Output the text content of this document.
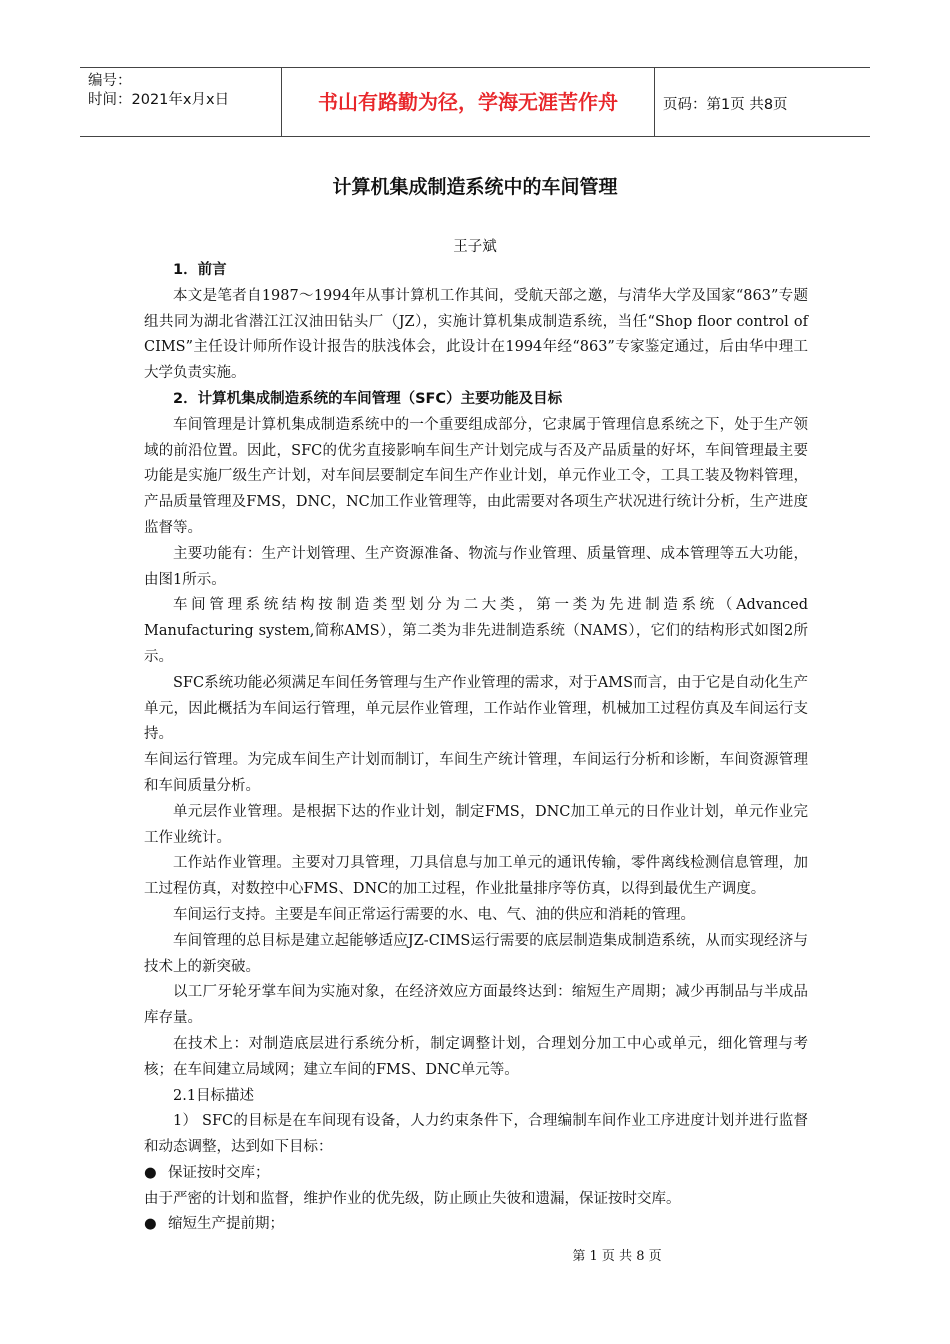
编号：
时间：2021年x月x日	书山有路勤为径，学海无涯苦作舟	页码：第1页 共8页
计算机集成制造系统中的车间管理
王子斌

1．前言

本文是笔者自1987～1994年从事计算机工作其间，受航天部之邀，与清华大学及国家“863”专题组共同为湖北省潜江江汉油田钻头厂（JZ），实施计算机集成制造系统，当任“Shop floor control of CIMS”主任设计师所作设计报告的肤浅体会，此设计在1994年经“863”专家鉴定通过，后由华中理工大学负责实施。

2．计算机集成制造系统的车间管理（SFC）主要功能及目标

车间管理是计算机集成制造系统中的一个重要组成部分，它隶属于管理信息系统之下，处于生产领域的前沿位置。因此，SFC的优劣直接影响车间生产计划完成与否及产品质量的好坏，车间管理最主要功能是实施厂级生产计划，对车间层要制定车间生产作业计划，单元作业工令，工具工装及物料管理，产品质量管理及FMS，DNC，NC加工作业管理等，由此需要对各项生产状况进行统计分析，生产进度监督等。

主要功能有：生产计划管理、生产资源准备、物流与作业管理、质量管理、成本管理等五大功能，由图1所示。

车间管理系统结构按制造类型划分为二大类，第一类为先进制造系统（Advanced Manufacturing system,简称AMS），第二类为非先进制造系统（NAMS），它们的结构形式如图2所示。

SFC系统功能必须满足车间任务管理与生产作业管理的需求，对于AMS而言，由于它是自动化生产单元，因此概括为车间运行管理，单元层作业管理，工作站作业管理，机械加工过程仿真及车间运行支持。

车间运行管理。为完成车间生产计划而制订，车间生产统计管理，车间运行分析和诊断，车间资源管理和车间质量分析。

单元层作业管理。是根据下达的作业计划，制定FMS，DNC加工单元的日作业计划，单元作业完工作业统计。

工作站作业管理。主要对刀具管理，刀具信息与加工单元的通讯传输，零件离线检测信息管理，加工过程仿真，对数控中心FMS、DNC的加工过程，作业批量排序等仿真，以得到最优生产调度。

车间运行支持。主要是车间正常运行需要的水、电、气、油的供应和消耗的管理。

车间管理的总目标是建立起能够适应JZ-CIMS运行需要的底层制造集成制造系统，从而实现经济与技术上的新突破。

以工厂牙轮牙掌车间为实施对象，在经济效应方面最终达到：缩短生产周期；减少再制品与半成品库存量。

在技术上：对制造底层进行系统分析，制定调整计划，合理划分加工中心或单元，细化管理与考核；在车间建立局域网；建立车间的FMS、DNC单元等。

2.1目标描述

1） SFC的目标是在车间现有设备，人力约束条件下，合理编制车间作业工序进度计划并进行监督和动态调整，达到如下目标：

● 保证按时交库；

由于严密的计划和监督，维护作业的优先级，防止顾止失彼和遗漏，保证按时交库。

● 缩短生产提前期；

第 1 页 共 8 页
